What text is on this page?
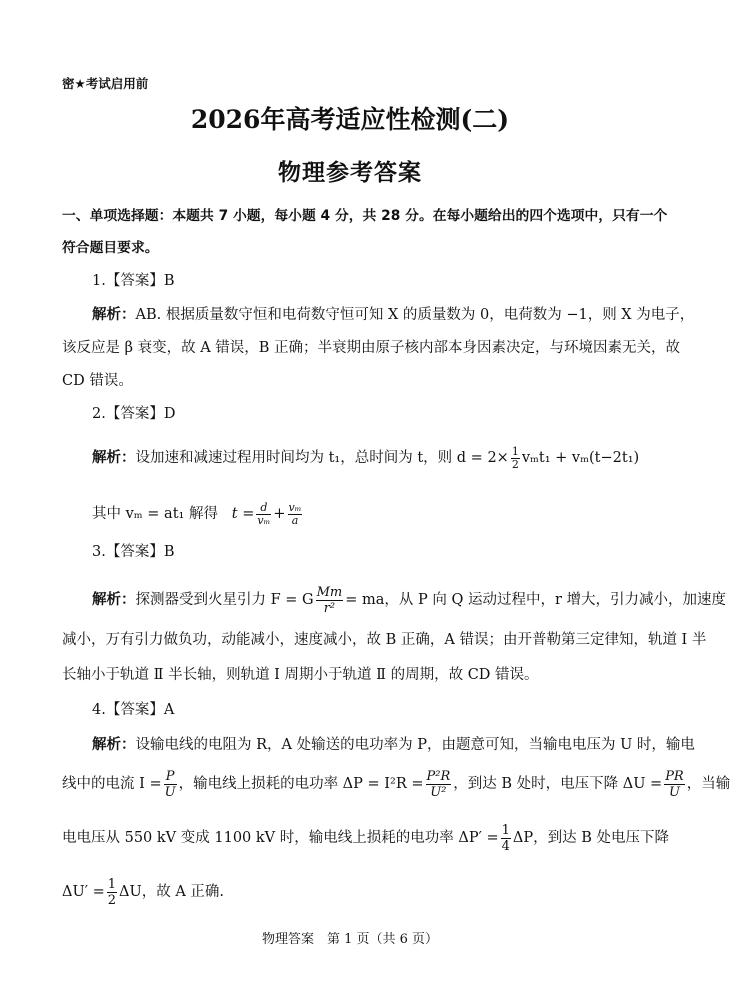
密★考试启用前
2026年高考适应性检测(二)
物理参考答案
一、单项选择题：本题共 7 小题，每小题 4 分，共 28 分。在每小题给出的四个选项中，只有一个
符合题目要求。
1.【答案】B
解析：AB. 根据质量数守恒和电荷数守恒可知 X 的质量数为 0，电荷数为 −1，则 X 为电子，
该反应是 β 衰变，故 A 错误，B 正确；半衰期由原子核内部本身因素决定，与环境因素无关，故
CD 错误。
2.【答案】D
解析：设加速和减速过程用时间均为 t₁，总时间为 t，则 $d = 2\times \frac{1}{2} v_mt_1 + v_m(t-2t_1)$
其中 vₘ = at₁ 解得 $t = \frac{d}{\text{vₘ}} + \frac{\text{vₘ}}{a}$
3.【答案】B
解析：探测器受到火星引力 F = G $\frac{Mm}{\text{r²}}$ = ma，从 P 向 Q 运动过程中，r 增大，引力减小，加速度
减小，万有引力做负功，动能减小，速度减小，故 B 正确，A 错误；由开普勒第三定律知，轨道 Ⅰ 半
长轴小于轨道 Ⅱ 半长轴，则轨道 Ⅰ 周期小于轨道 Ⅱ 的周期，故 CD 错误。
4.【答案】A
解析：设输电线的电阻为 R，A 处输送的电功率为 P，由题意可知，当输电电压为 U 时，输电
线中的电流 $I = \frac{P}{U}$ ，输电线上损耗的电功率 $\Delta P = I^2R = \frac{\text{P²R}}{\text{U²}}$ ，到达 B 处时，电压下降 $\Delta U = \frac{PR}{U}$ ，当输
电电压从 550 kV 变成 1100 kV 时，输电线上损耗的电功率 $\Delta P' = \frac{1}{4}$ ΔP，到达 B 处电压下降
$\Delta U' = \frac{1}{2}$ ΔU，故 A 正确.
物理答案　第 1 页（共 6 页）
